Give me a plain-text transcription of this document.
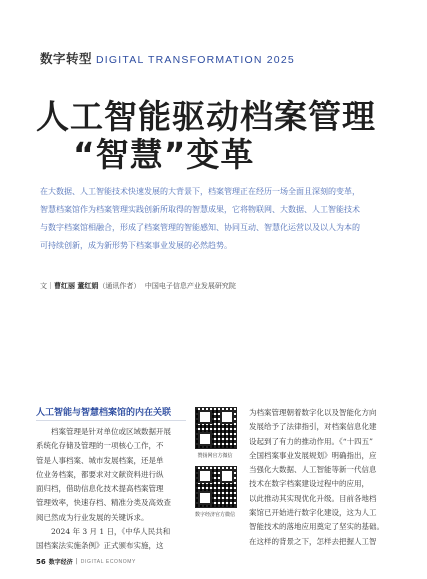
数字转型 DIGITAL TRANSFORMATION 2025
人工智能驱动档案管理
“智慧”变革

在大数据、人工智能技术快速发展的大背景下，档案管理正在经历一场全面且深刻的变革，

智慧档案馆作为档案管理实践创新所取得的智慧成果，它将物联网、大数据、人工智能技术

与数字档案馆相融合，形成了档案管理的智能感知、协同互动、智慧化运营以及以人为本的

可持续创新，成为新形势下档案事业发展的必然趋势。

文｜曹红丽 董红娟（通讯作者） 中国电子信息产业发展研究院
人工智能与智慧档案馆的内在关联

　　档案管理是针对单位或区域数据开展

系统化存储及管理的一项核心工作，不

管是人事档案、城市发展档案，还是单

位业务档案，都要求对文献资料进行纵

面归档，借助信息化技术提高档案管理

管理效率，快速存档、精准分类及高效查

阅已然成为行业发展的关键诉求。

　　2024 年 3 月 1 日，《中华人民共和

国档案法实施条例》正式颁布实施，这

赞扬网官方微信
数字经济官方微信

为档案管理朝着数字化以及智能化方向

发展给予了法律指引，对档案信息化建

设起到了有力的推动作用。《“十四五”

全国档案事业发展规划》明确指出，应

当强化大数据、人工智能等新一代信息

技术在数字档案建设过程中的应用，

以此推动其实现优化升级。目前各地档

案馆已开始进行数字化建设，这为人工

智能技术的落地应用奠定了坚实的基础。

在这样的背景之下，怎样去把握人工智

56 数字经济 | DIGITAL ECONOMY
